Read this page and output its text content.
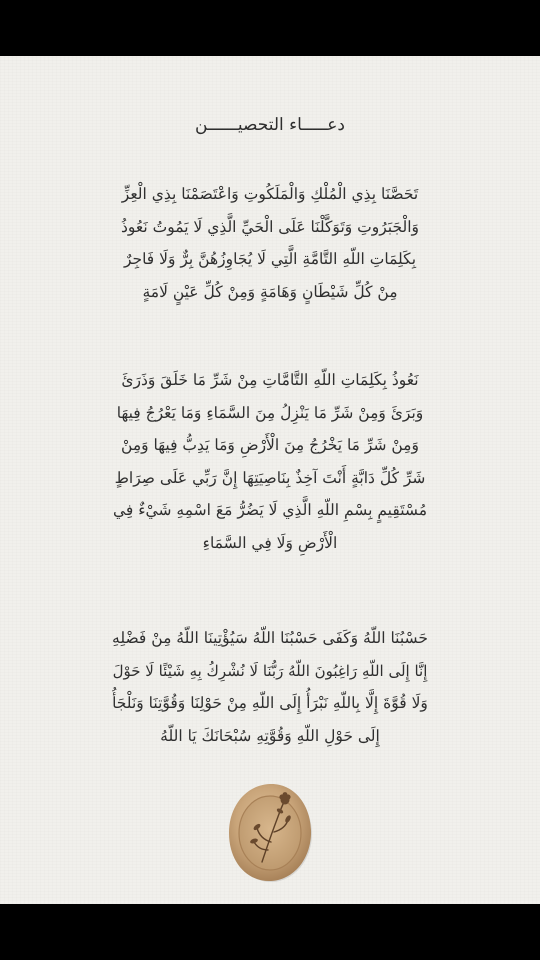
دعـــــاء التحصيــــــن
تَحَصَّنَا بِذِي الْمُلْكِ وَالْمَلَكُوتِ وَاعْتَصَمْنَا بِذِي الْعِزِّ
وَالْجَبَرُوتِ وَتَوَكَّلْنَا عَلَى الْحَيِّ الَّذِي لَا يَمُوتُ نَعُوذُ
بِكَلِمَاتِ اللّهِ التَّامَّةِ الَّتِي لَا يُجَاوِزُهُنَّ بِرٌّ وَلَا فَاجِرٌ
مِنْ كُلِّ شَيْطَانٍ وَهَامَةٍ وَمِنْ كُلِّ عَيْنٍ لَامَةٍ
نَعُوذُ بِكَلِمَاتِ اللّهِ التَّامَّاتِ مِنْ شَرِّ مَا خَلَقَ وَذَرَئَ
وَبَرَئَ وَمِنْ شَرِّ مَا يَنْزِلُ مِنَ السَّمَاءِ وَمَا يَعْرُجُ فِيهَا
وَمِنْ شَرِّ مَا يَخْرُجُ مِنَ الْأَرْضِ وَمَا يَدِبُّ فِيهَا وَمِنْ
شَرِّ كُلِّ دَابَّةٍ أَنْتَ آخِذٌ بِنَاصِيَتِهَا إِنَّ رَبِّي عَلَى صِرَاطٍ
مُسْتَقِيمٍ بِسْمِ اللّهِ الَّذِي لَا يَضُرُّ مَعَ اسْمِهِ شَيْءٌ فِي
الْأَرْضِ وَلَا فِي السَّمَاءِ
حَسْبُنَا اللّهُ وَكَفَى حَسْبُنَا اللّهُ سَيُؤْتِينَا اللّهُ مِنْ فَضْلِهِ
إِنَّا إِلَى اللّهِ رَاغِبُونَ اللّهُ رَبُّنَا لَا نُشْرِكُ بِهِ شَيْئًا لَا حَوْلَ
وَلَا قُوَّةَ إِلَّا بِاللّهِ نَبْرَأُ إِلَى اللّهِ مِنْ حَوْلِنَا وَقُوَّتِنَا وَنَلْجَأُ
إِلَى حَوْلِ اللّهِ وَقُوَّتِهِ سُبْحَانَكَ يَا اللّهُ
